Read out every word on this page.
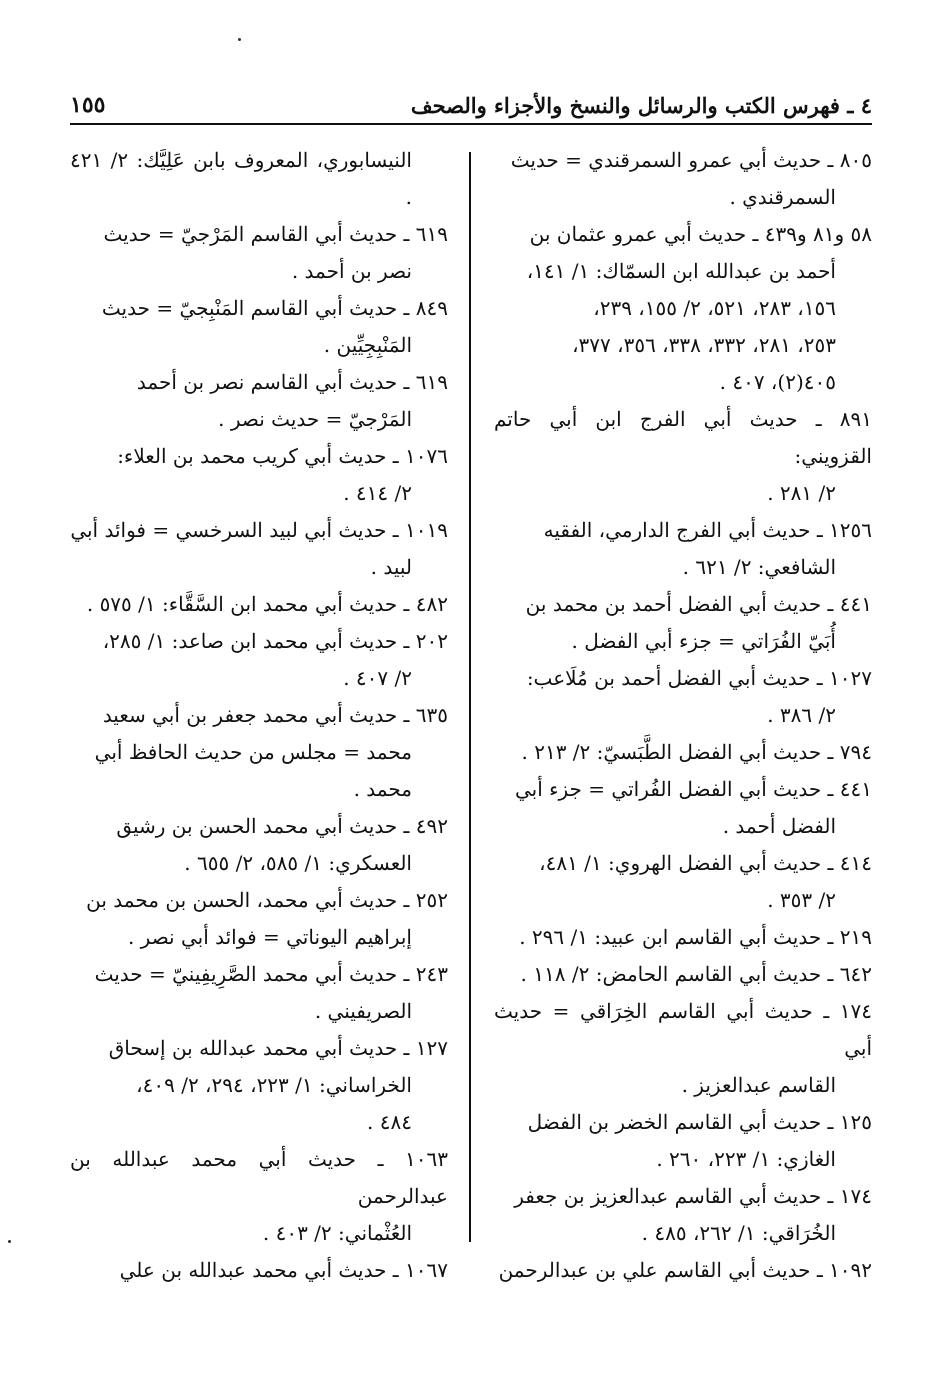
٤ ـ فهرس الكتب والرسائل والنسخ والأجزاء والصحف
١٥٥
٨٠٥ ـ حديث أبي عمرو السمرقندي = حديث
السمرقندي .
٥٨ و٨١ و٤٣٩ ـ حديث أبي عمرو عثمان بن
أحمد بن عبدالله ابن السمّاك: ١/ ١٤١،
١٥٦، ٢٨٣، ٥٢١، ٢/ ١٥٥، ٢٣٩،
٢٥٣، ٢٨١، ٣٣٢، ٣٣٨، ٣٥٦، ٣٧٧،
٤٠٥(٢)، ٤٠٧ .
٨٩١ ـ حديث أبي الفرج ابن أبي حاتم القزويني:
٢/ ٢٨١ .
١٢٥٦ ـ حديث أبي الفرج الدارمي، الفقيه
الشافعي: ٢/ ٦٢١ .
٤٤١ ـ حديث أبي الفضل أحمد بن محمد بن
أُبَيّ الفُرَاتي = جزء أبي الفضل .
١٠٢٧ ـ حديث أبي الفضل أحمد بن مُلَاعب:
٢/ ٣٨٦ .
٧٩٤ ـ حديث أبي الفضل الطَّبَسيّ: ٢/ ٢١٣ .
٤٤١ ـ حديث أبي الفضل الفُراتي = جزء أبي
الفضل أحمد .
٤١٤ ـ حديث أبي الفضل الهروي: ١/ ٤٨١،
٢/ ٣٥٣ .
٢١٩ ـ حديث أبي القاسم ابن عبيد: ١/ ٢٩٦ .
٦٤٢ ـ حديث أبي القاسم الحامض: ٢/ ١١٨ .
١٧٤ ـ حديث أبي القاسم الخِرَاقي = حديث أبي
القاسم عبدالعزيز .
١٢٥ ـ حديث أبي القاسم الخضر بن الفضل
الغازي: ١/ ٢٢٣، ٢٦٠ .
١٧٤ ـ حديث أبي القاسم عبدالعزيز بن جعفر
الخُرَاقي: ١/ ٢٦٢، ٤٨٥ .
١٠٩٢ ـ حديث أبي القاسم علي بن عبدالرحمن
النيسابوري، المعروف بابن عَلِيَّك: ٢/ ٤٢١ .
٦١٩ ـ حديث أبي القاسم المَرْجيّ = حديث
نصر بن أحمد .
٨٤٩ ـ حديث أبي القاسم المَنْبِجيّ = حديث
المَنْبِجِيِّين .
٦١٩ ـ حديث أبي القاسم نصر بن أحمد
المَرْجيّ = حديث نصر .
١٠٧٦ ـ حديث أبي كريب محمد بن العلاء:
٢/ ٤١٤ .
١٠١٩ ـ حديث أبي لبيد السرخسي = فوائد أبي
لبيد .
٤٨٢ ـ حديث أبي محمد ابن السَّقَّاء: ١/ ٥٧٥ .
٢٠٢ ـ حديث أبي محمد ابن صاعد: ١/ ٢٨٥،
٢/ ٤٠٧ .
٦٣٥ ـ حديث أبي محمد جعفر بن أبي سعيد
محمد = مجلس من حديث الحافظ أبي
محمد .
٤٩٢ ـ حديث أبي محمد الحسن بن رشيق
العسكري: ١/ ٥٨٥، ٢/ ٦٥٥ .
٢٥٢ ـ حديث أبي محمد، الحسن بن محمد بن
إبراهيم اليوناتي = فوائد أبي نصر .
٢٤٣ ـ حديث أبي محمد الصَّرِيفِينيّ = حديث
الصريفيني .
١٢٧ ـ حديث أبي محمد عبدالله بن إسحاق
الخراساني: ١/ ٢٢٣، ٢٩٤، ٢/ ٤٠٩،
٤٨٤ .
١٠٦٣ ـ حديث أبي محمد عبدالله بن عبدالرحمن
العُثْماني: ٢/ ٤٠٣ .
١٠٦٧ ـ حديث أبي محمد عبدالله بن علي
